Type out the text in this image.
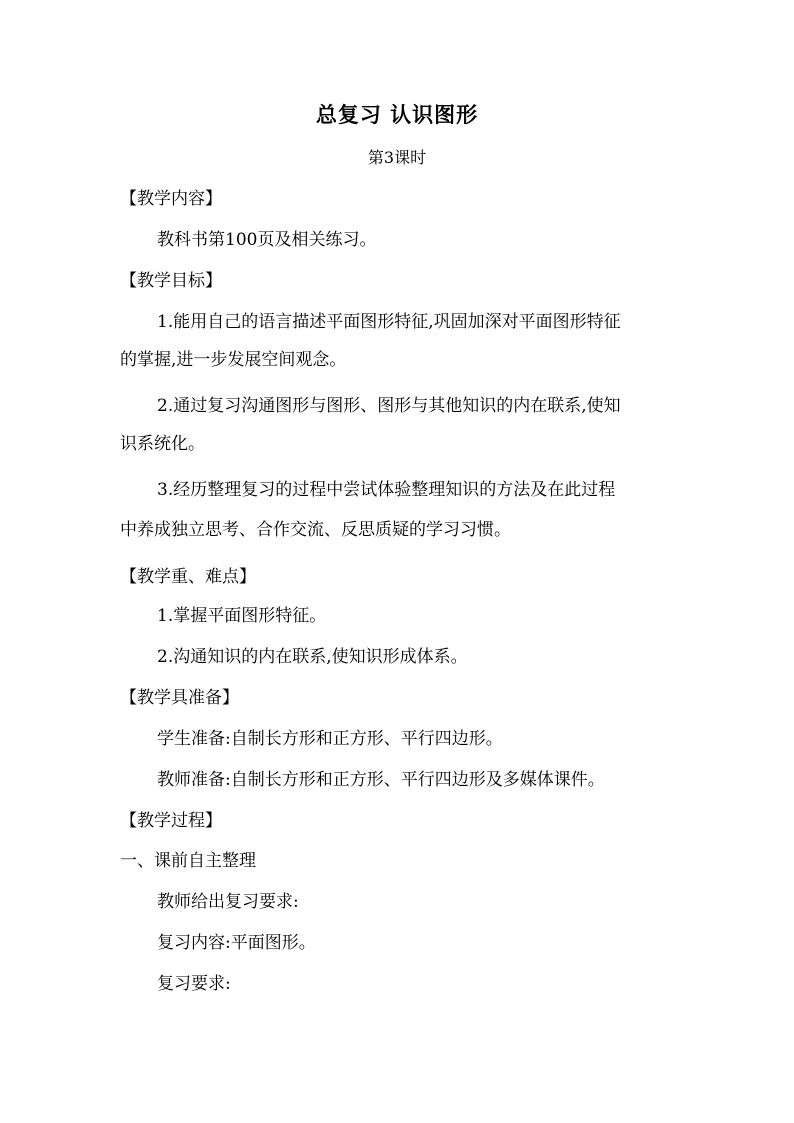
总复习 认识图形
第3课时
【教学内容】
教科书第100页及相关练习。
【教学目标】
1.能用自己的语言描述平面图形特征,巩固加深对平面图形特征
的掌握,进一步发展空间观念。
2.通过复习沟通图形与图形、图形与其他知识的内在联系,使知
识系统化。
3.经历整理复习的过程中尝试体验整理知识的方法及在此过程
中养成独立思考、合作交流、反思质疑的学习习惯。
【教学重、难点】
1.掌握平面图形特征。
2.沟通知识的内在联系,使知识形成体系。
【教学具准备】
学生准备:自制长方形和正方形、平行四边形。
教师准备:自制长方形和正方形、平行四边形及多媒体课件。
【教学过程】
一、课前自主整理
教师给出复习要求:
复习内容:平面图形。
复习要求:
